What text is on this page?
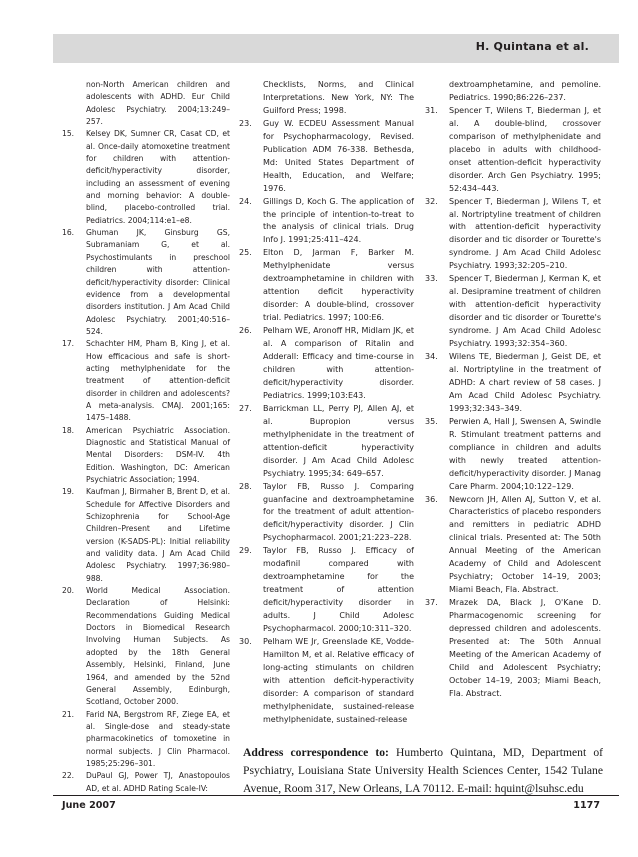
H. Quintana et al.
non-North American children and adolescents with ADHD. Eur Child Adolesc Psychiatry. 2004;13:249–257.
15.	Kelsey DK, Sumner CR, Casat CD, et al. Once-daily atomoxetine treatment for children with attention-deficit/hyperactivity disorder, including an assessment of evening and morning behavior: A double-blind, placebo-controlled trial. Pediatrics. 2004;114:e1–e8.
16.	Ghuman JK, Ginsburg GS, Subramaniam G, et al. Psychostimulants in preschool children with attention-deficit/hyperactivity disorder: Clinical evidence from a developmental disorders institution. J Am Acad Child Adolesc Psychiatry. 2001;40:516–524.
17.	Schachter HM, Pham B, King J, et al. How efficacious and safe is short-acting methylphenidate for the treatment of attention-deficit disorder in children and adolescents? A meta-analysis. CMAJ. 2001;165: 1475–1488.
18.	American Psychiatric Association. Diagnostic and Statistical Manual of Mental Disorders: DSM-IV. 4th Edition. Washington, DC: American Psychiatric Association; 1994.
19.	Kaufman J, Birmaher B, Brent D, et al. Schedule for Affective Disorders and Schizophrenia for School-Age Children–Present and Lifetime version (K-SADS-PL): Initial reliability and validity data. J Am Acad Child Adolesc Psychiatry. 1997;36:980–988.
20.	World Medical Association. Declaration of Helsinki: Recommendations Guiding Medical Doctors in Biomedical Research Involving Human Subjects. As adopted by the 18th General Assembly, Helsinki, Finland, June 1964, and amended by the 52nd General Assembly, Edinburgh, Scotland, October 2000.
21.	Farid NA, Bergstrom RF, Ziege EA, et al. Single-dose and steady-state pharmacokinetics of tomoxetine in normal subjects. J Clin Pharmacol. 1985;25:296–301.
22.	DuPaul GJ, Power TJ, Anastopoulos AD, et al. ADHD Rating Scale-IV:
Checklists, Norms, and Clinical Interpretations. New York, NY: The Guilford Press; 1998.
23.	Guy W. ECDEU Assessment Manual for Psychopharmacology, Revised. Publication ADM 76-338. Bethesda, Md: United States Department of Health, Education, and Welfare; 1976.
24.	Gillings D, Koch G. The application of the principle of intention-to-treat to the analysis of clinical trials. Drug Info J. 1991;25:411–424.
25.	Elton D, Jarman F, Barker M. Methylphenidate versus dextroamphetamine in children with attention deficit hyperactivity disorder: A double-blind, crossover trial. Pediatrics. 1997; 100:E6.
26.	Pelham WE, Aronoff HR, Midlam JK, et al. A comparison of Ritalin and Adderall: Efficacy and time-course in children with attention-deficit/hyperactivity disorder. Pediatrics. 1999;103:E43.
27.	Barrickman LL, Perry PJ, Allen AJ, et al. Bupropion versus methylphenidate in the treatment of attention-deficit hyperactivity disorder. J Am Acad Child Adolesc Psychiatry. 1995;34: 649–657.
28.	Taylor FB, Russo J. Comparing guanfacine and dextroamphetamine for the treatment of adult attention-deficit/hyperactivity disorder. J Clin Psychopharmacol. 2001;21:223–228.
29.	Taylor FB, Russo J. Efficacy of modafinil compared with dextroamphetamine for the treatment of attention deficit/hyperactivity disorder in adults. J Child Adolesc Psychopharmacol. 2000;10:311–320.
30.	Pelham WE Jr, Greenslade KE, Vodde-Hamilton M, et al. Relative efficacy of long-acting stimulants on children with attention deficit-hyperactivity disorder: A comparison of standard methylphenidate, sustained-release methylphenidate, sustained-release
dextroamphetamine, and pemoline. Pediatrics. 1990;86:226–237.
31.	Spencer T, Wilens T, Biederman J, et al. A double-blind, crossover comparison of methylphenidate and placebo in adults with childhood-onset attention-deficit hyperactivity disorder. Arch Gen Psychiatry. 1995; 52:434–443.
32.	Spencer T, Biederman J, Wilens T, et al. Nortriptyline treatment of children with attention-deficit hyperactivity disorder and tic disorder or Tourette's syndrome. J Am Acad Child Adolesc Psychiatry. 1993;32:205–210.
33.	Spencer T, Biederman J, Kerman K, et al. Desipramine treatment of children with attention-deficit hyperactivity disorder and tic disorder or Tourette's syndrome. J Am Acad Child Adolesc Psychiatry. 1993;32:354–360.
34.	Wilens TE, Biederman J, Geist DE, et al. Nortriptyline in the treatment of ADHD: A chart review of 58 cases. J Am Acad Child Adolesc Psychiatry. 1993;32:343–349.
35.	Perwien A, Hall J, Swensen A, Swindle R. Stimulant treatment patterns and compliance in children and adults with newly treated attention-deficit/hyperactivity disorder. J Manag Care Pharm. 2004;10:122–129.
36.	Newcorn JH, Allen AJ, Sutton V, et al. Characteristics of placebo responders and remitters in pediatric ADHD clinical trials. Presented at: The 50th Annual Meeting of the American Academy of Child and Adolescent Psychiatry; October 14–19, 2003; Miami Beach, Fla. Abstract.
37.	Mrazek DA, Black J, O'Kane D. Pharmacogenomic screening for depressed children and adolescents. Presented at: The 50th Annual Meeting of the American Academy of Child and Adolescent Psychiatry; October 14–19, 2003; Miami Beach, Fla. Abstract.
Address correspondence to: Humberto Quintana, MD, Department of Psychiatry, Louisiana State University Health Sciences Center, 1542 Tulane Avenue, Room 317, New Orleans, LA 70112. E-mail: hquint@lsuhsc.edu
June 2007	1177
